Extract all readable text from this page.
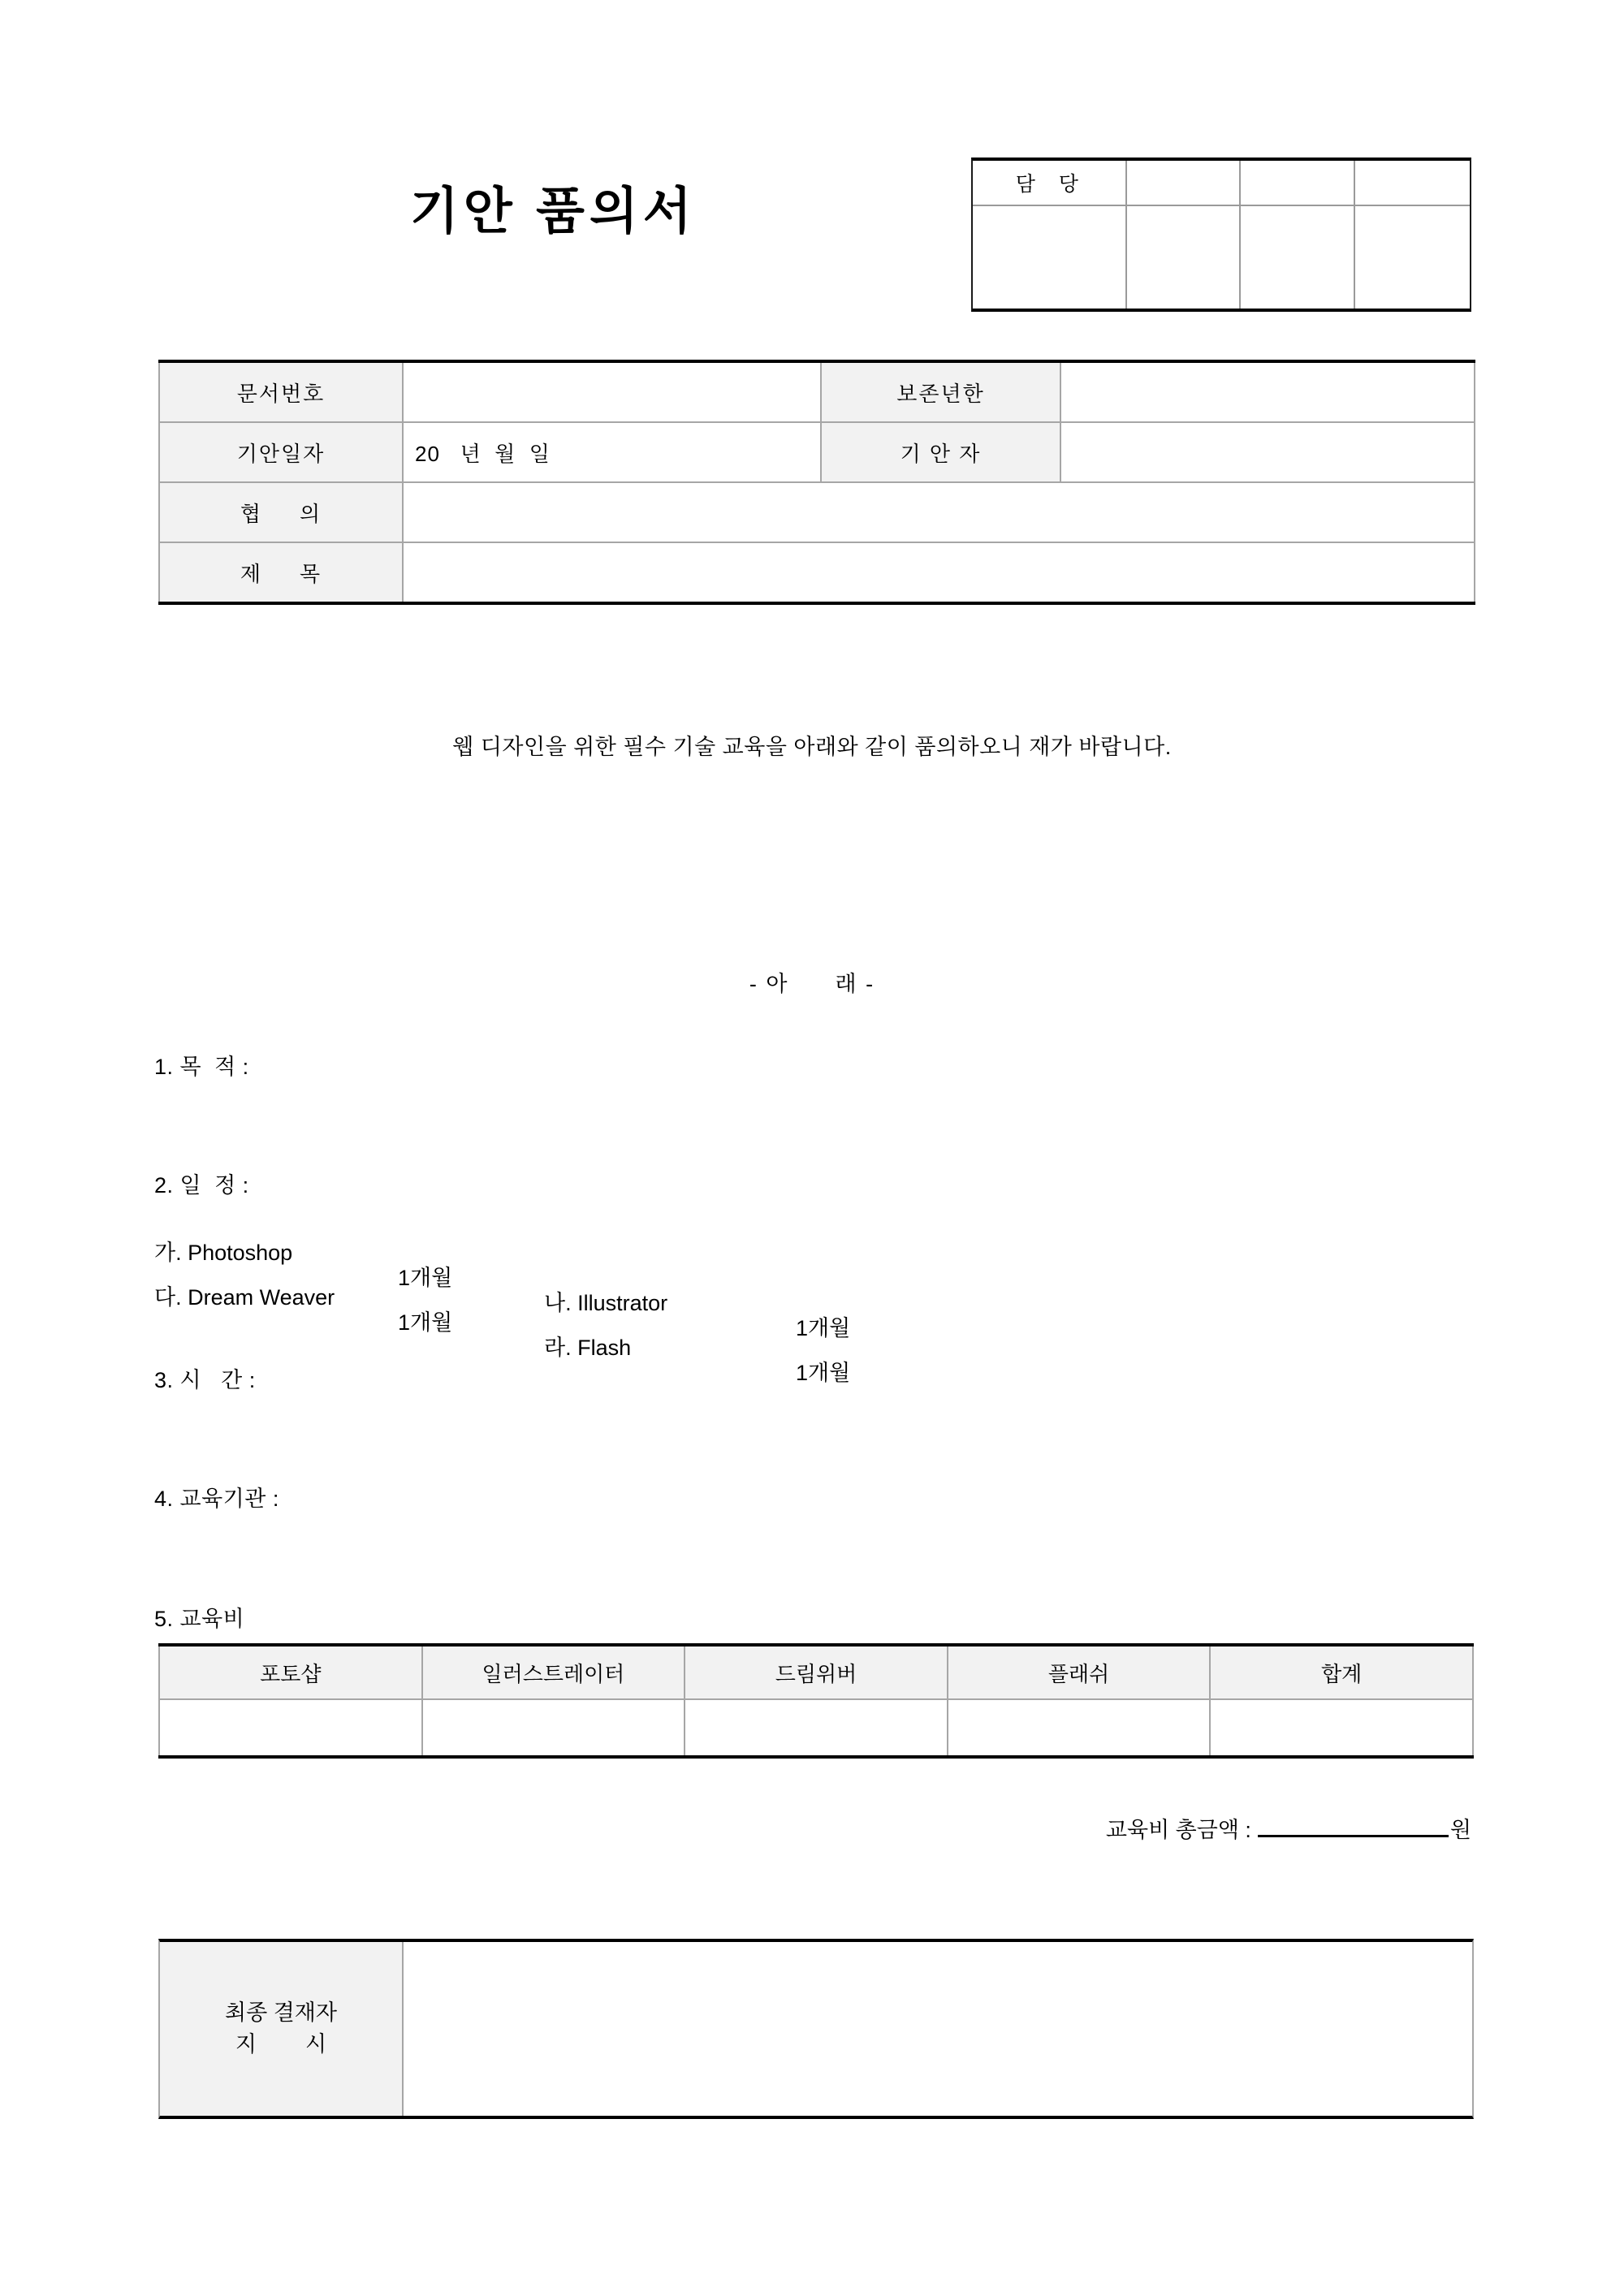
기안 품의서	담  당
문서번호		보존년한	
기안일자	20   년  월  일	기 안 자	
협     의			
제     목			
웹 디자인을 위한 필수 기술 교육을 아래와 같이 품의하오니 재가 바랍니다.
- 아      래 -
1. 목  적 :
2. 일  정 :

가. Photoshop

1개월

나. Illustrator

1개월

다. Dream Weaver

1개월

라. Flash

1개월

3. 시   간 :
4. 교육기관 :
5. 교육비
포토샵	일러스트레이터	드림위버	플래쉬	합계

교육비 총금액 :	원
최종 결재자
지        시
